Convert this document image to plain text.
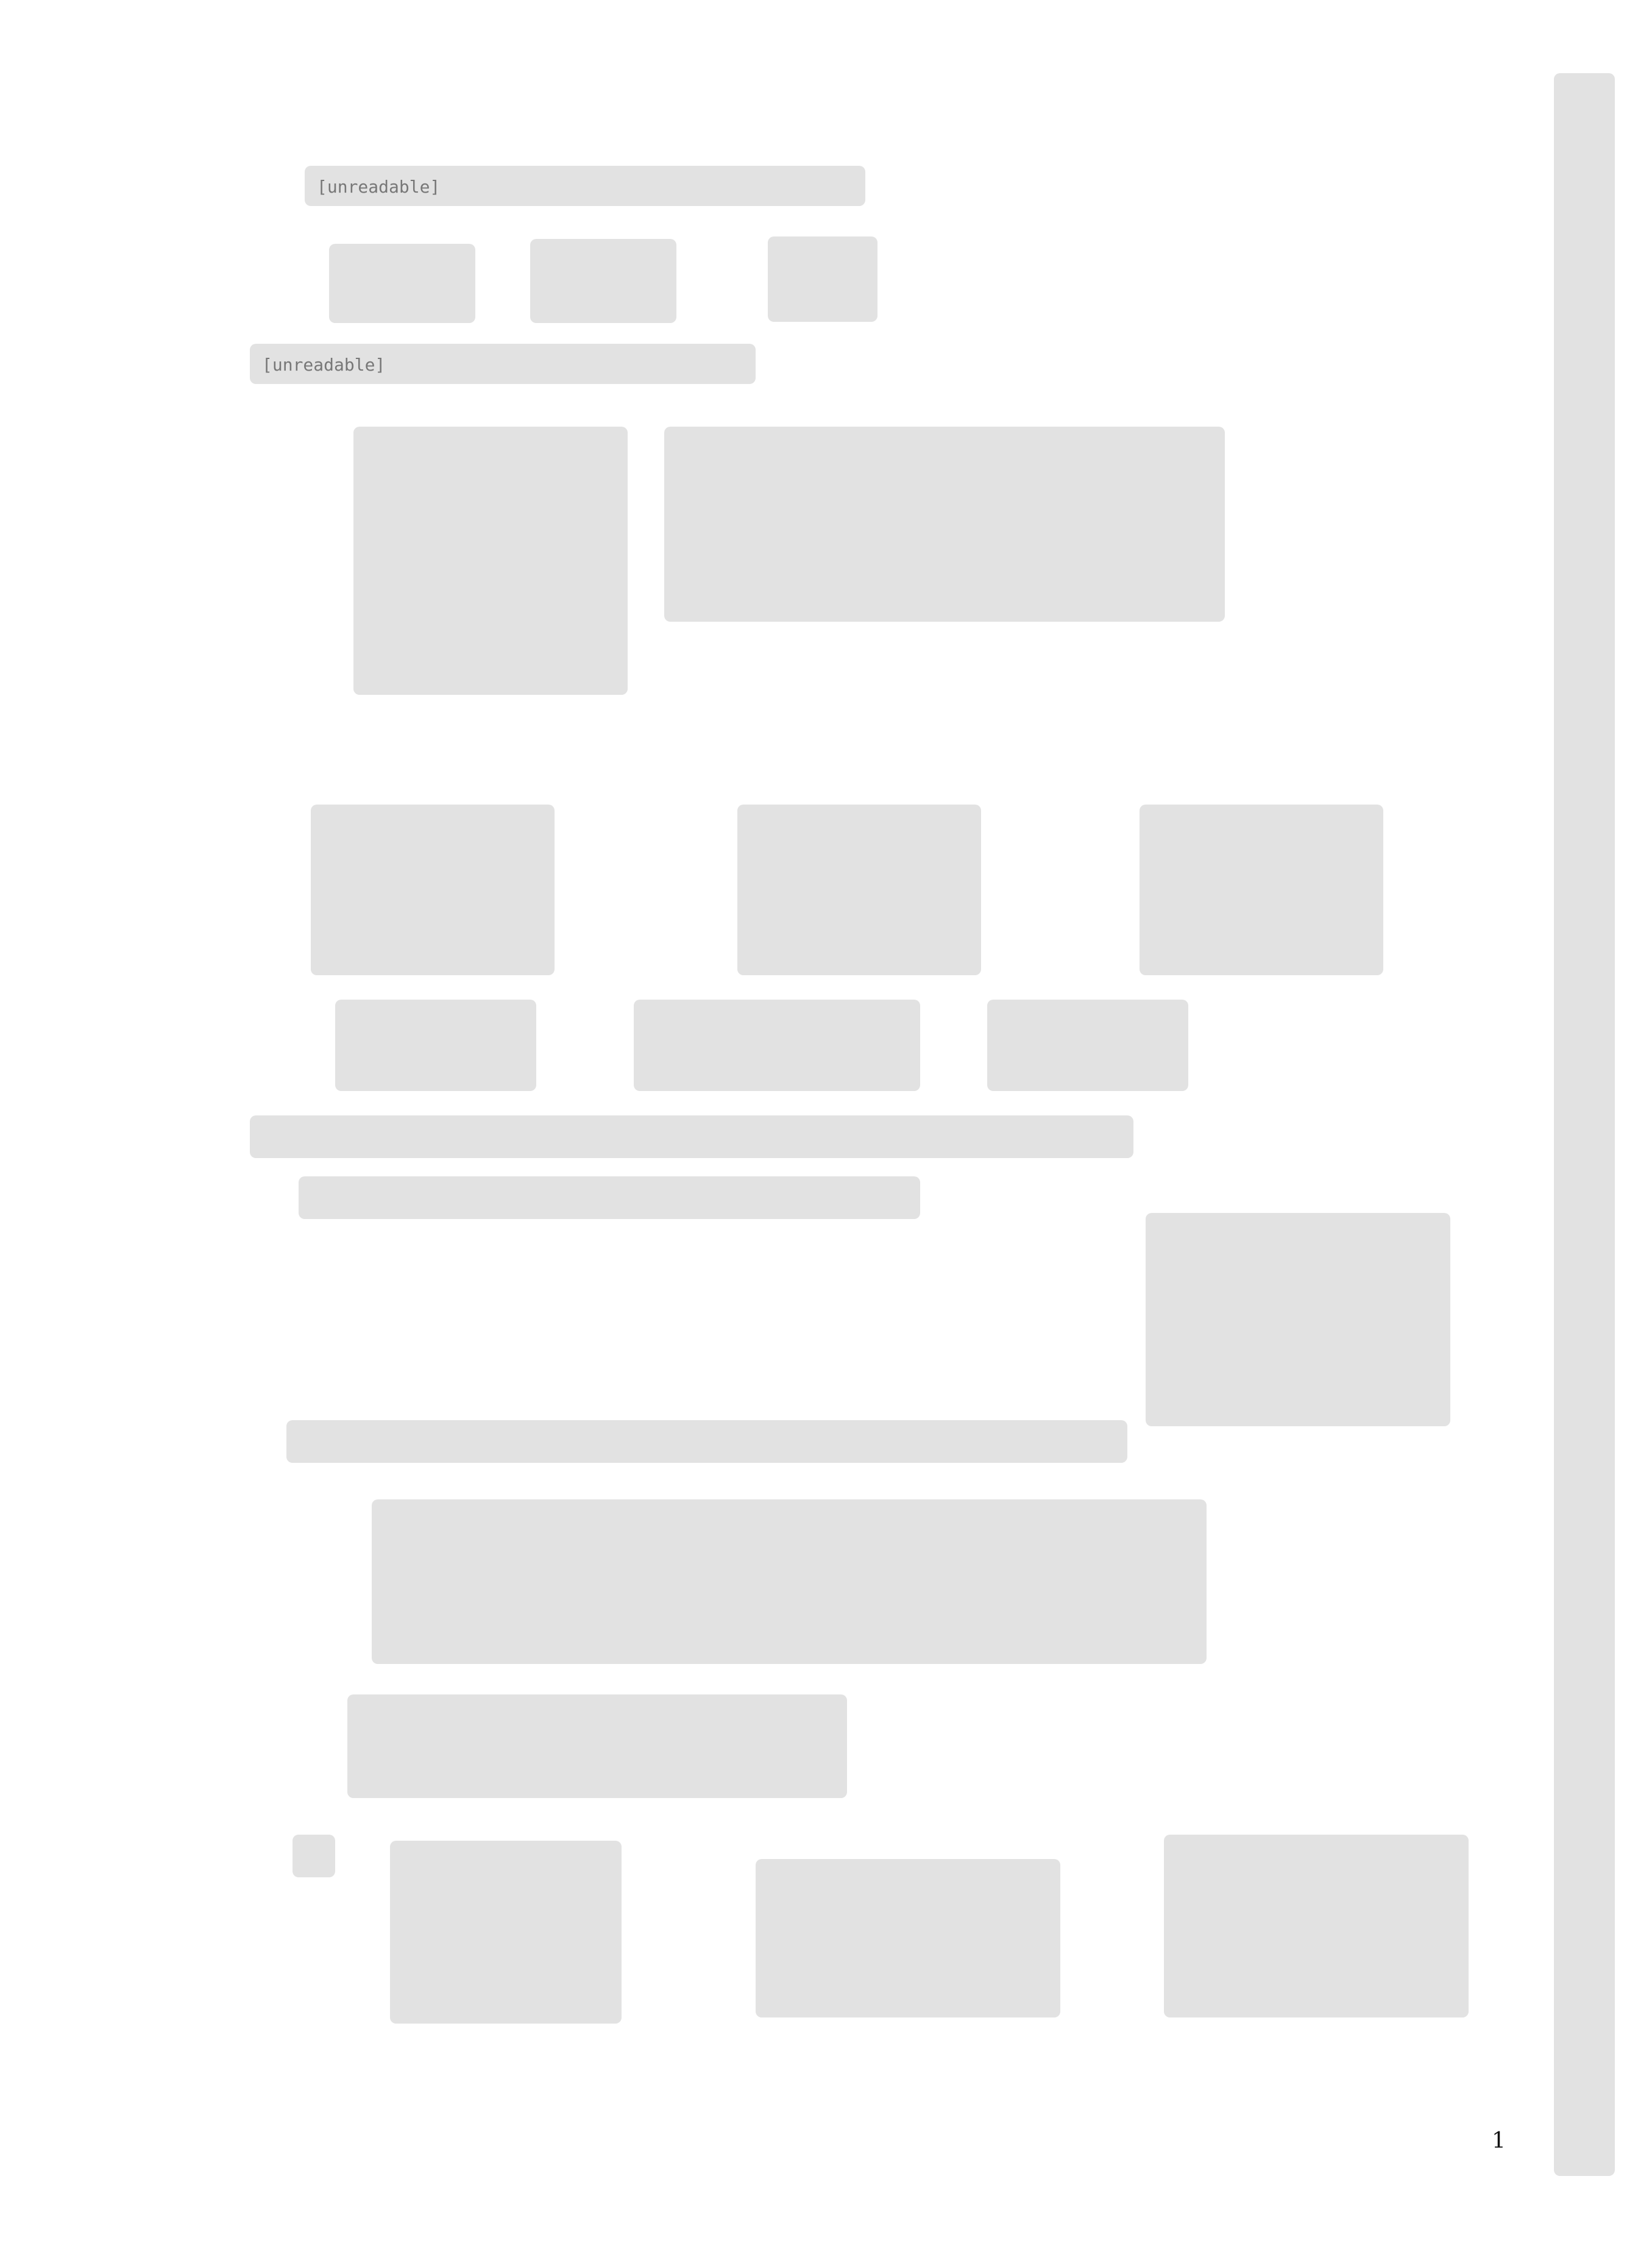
[unreadable]
[unreadable]
1
